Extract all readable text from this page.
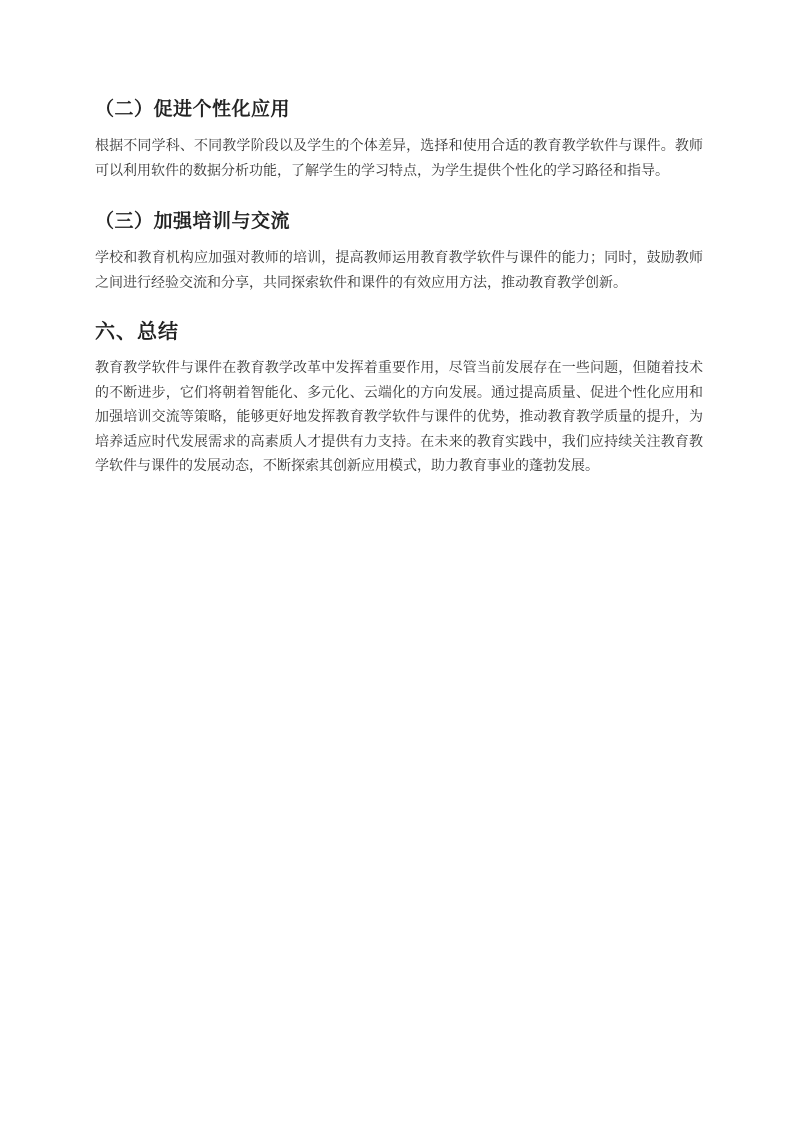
（二）促进个性化应用

根据不同学科、不同教学阶段以及学生的个体差异，选择和使用合适的教育教学软件与课件。教师可以利用软件的数据分析功能，了解学生的学习特点，为学生提供个性化的学习路径和指导。

（三）加强培训与交流

学校和教育机构应加强对教师的培训，提高教师运用教育教学软件与课件的能力；同时，鼓励教师之间进行经验交流和分享，共同探索软件和课件的有效应用方法，推动教育教学创新。

六、总结

教育教学软件与课件在教育教学改革中发挥着重要作用，尽管当前发展存在一些问题，但随着技术的不断进步，它们将朝着智能化、多元化、云端化的方向发展。通过提高质量、促进个性化应用和加强培训交流等策略，能够更好地发挥教育教学软件与课件的优势，推动教育教学质量的提升，为培养适应时代发展需求的高素质人才提供有力支持。在未来的教育实践中，我们应持续关注教育教学软件与课件的发展动态，不断探索其创新应用模式，助力教育事业的蓬勃发展。
